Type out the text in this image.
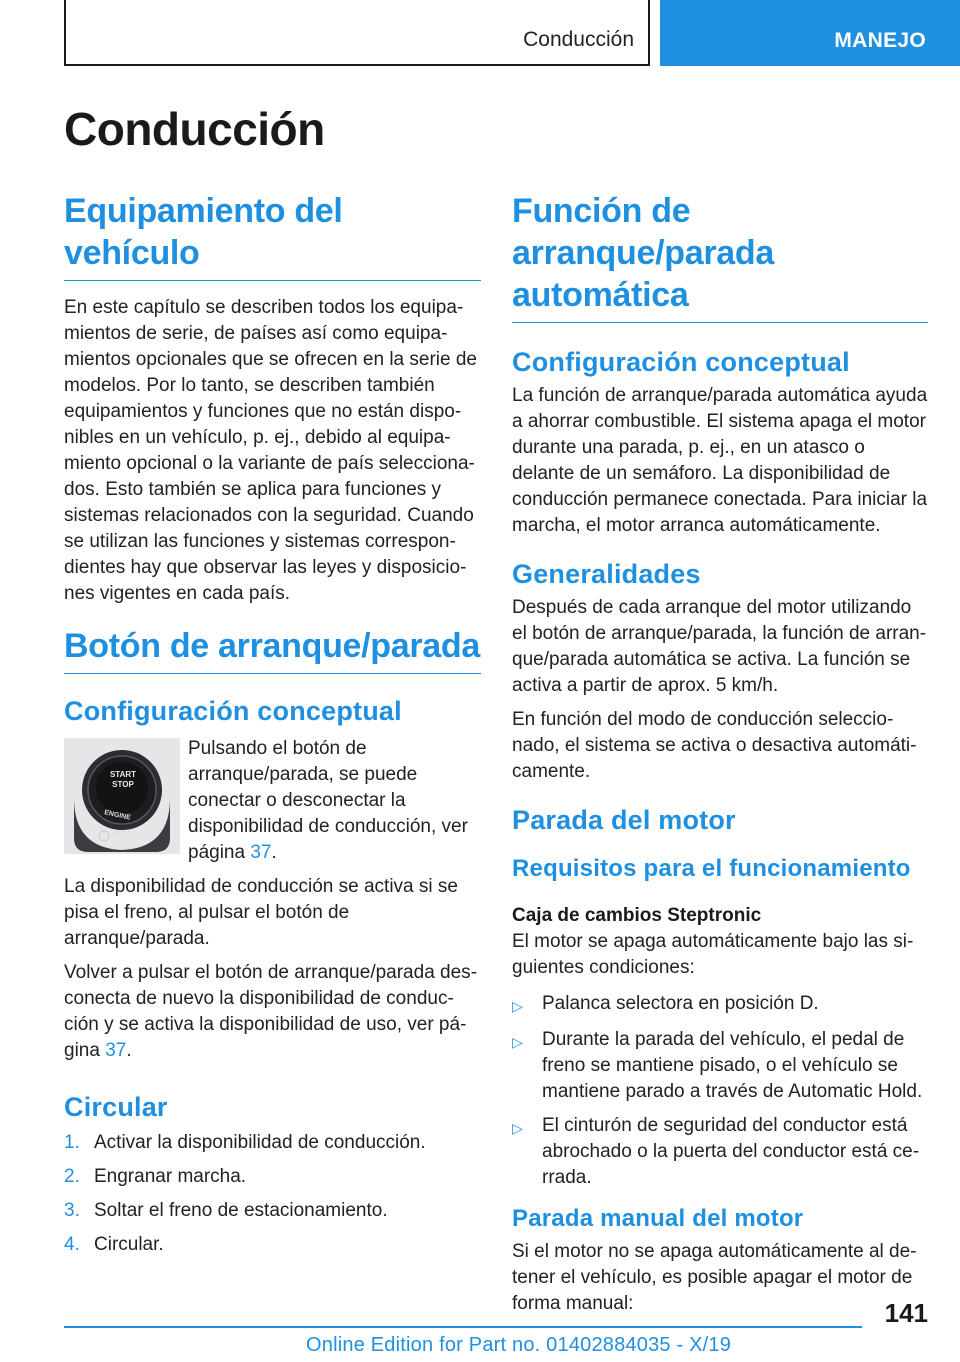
Conducción	MANEJO
Conducción
Equipamiento del vehículo

En este capítulo se describen todos los equipamientos de serie, de países así como equipamientos opcionales que se ofrecen en la serie de modelos. Por lo tanto, se describen también equipamientos y funciones que no están disponibles en un vehículo, p. ej., debido al equipamiento opcional o la variante de país seleccionados. Esto también se aplica para funciones y sistemas relacionados con la seguridad. Cuando se utilizan las funciones y sistemas correspondientes hay que observar las leyes y disposiciones vigentes en cada país.

Botón de arranque/parada
Configuración conceptual
START
STOP
ENGINE
OFF

Pulsando el botón de arranque/parada, se puede conectar o desconectar la disponibilidad de conducción, ver página 37.

La disponibilidad de conducción se activa si se pisa el freno, al pulsar el botón de arranque/parada.

Volver a pulsar el botón de arranque/parada desconecta de nuevo la disponibilidad de conducción y se activa la disponibilidad de uso, ver página 37.

Circular
1. Activar la disponibilidad de conducción.
2. Engranar marcha.
3. Soltar el freno de estacionamiento.
4. Circular.
Función de arranque/parada automática
Configuración conceptual

La función de arranque/parada automática ayuda a ahorrar combustible. El sistema apaga el motor durante una parada, p. ej., en un atasco o delante de un semáforo. La disponibilidad de conducción permanece conectada. Para iniciar la marcha, el motor arranca automáticamente.

Generalidades

Después de cada arranque del motor utilizando el botón de arranque/parada, la función de arranque/parada automática se activa. La función se activa a partir de aprox. 5 km/h.

En función del modo de conducción seleccionado, el sistema se activa o desactiva automáticamente.

Parada del motor
Requisitos para el funcionamiento
Caja de cambios Steptronic

El motor se apaga automáticamente bajo las siguientes condiciones:

▷	Palanca selectora en posición D.
▷	Durante la parada del vehículo, el pedal de freno se mantiene pisado, o el vehículo se mantiene parado a través de Automatic Hold.
▷	El cinturón de seguridad del conductor está abrochado o la puerta del conductor está cerrada.
Parada manual del motor

Si el motor no se apaga automáticamente al detener el vehículo, es posible apagar el motor de forma manual:	141
Online Edition for Part no. 01402884035 - X/19
